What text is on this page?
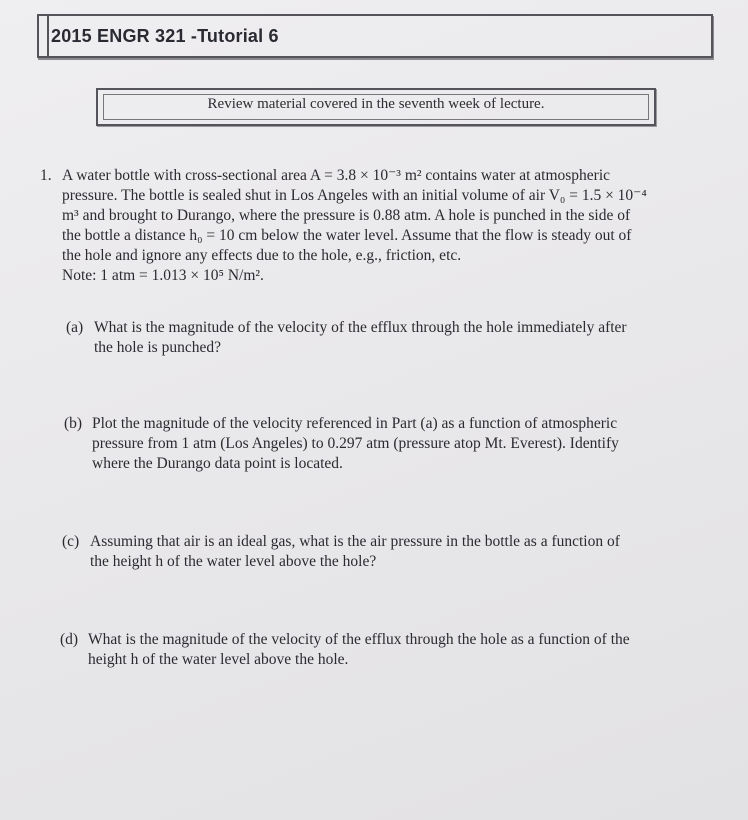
2015 ENGR 321 -Tutorial 6
Review material covered in the seventh week of lecture.
1. A water bottle with cross-sectional area A = 3.8 × 10⁻³ m² contains water at atmospheric
pressure. The bottle is sealed shut in Los Angeles with an initial volume of air V₀ = 1.5 × 10⁻⁴
m³ and brought to Durango, where the pressure is 0.88 atm. A hole is punched in the side of
the bottle a distance h₀ = 10 cm below the water level. Assume that the flow is steady out of
the hole and ignore any effects due to the hole, e.g., friction, etc.
Note: 1 atm = 1.013 × 10⁵ N/m².
(a) What is the magnitude of the velocity of the efflux through the hole immediately after
the hole is punched?
(b) Plot the magnitude of the velocity referenced in Part (a) as a function of atmospheric
pressure from 1 atm (Los Angeles) to 0.297 atm (pressure atop Mt. Everest). Identify
where the Durango data point is located.
(c) Assuming that air is an ideal gas, what is the air pressure in the bottle as a function of
the height h of the water level above the hole?
(d) What is the magnitude of the velocity of the efflux through the hole as a function of the
height h of the water level above the hole.
